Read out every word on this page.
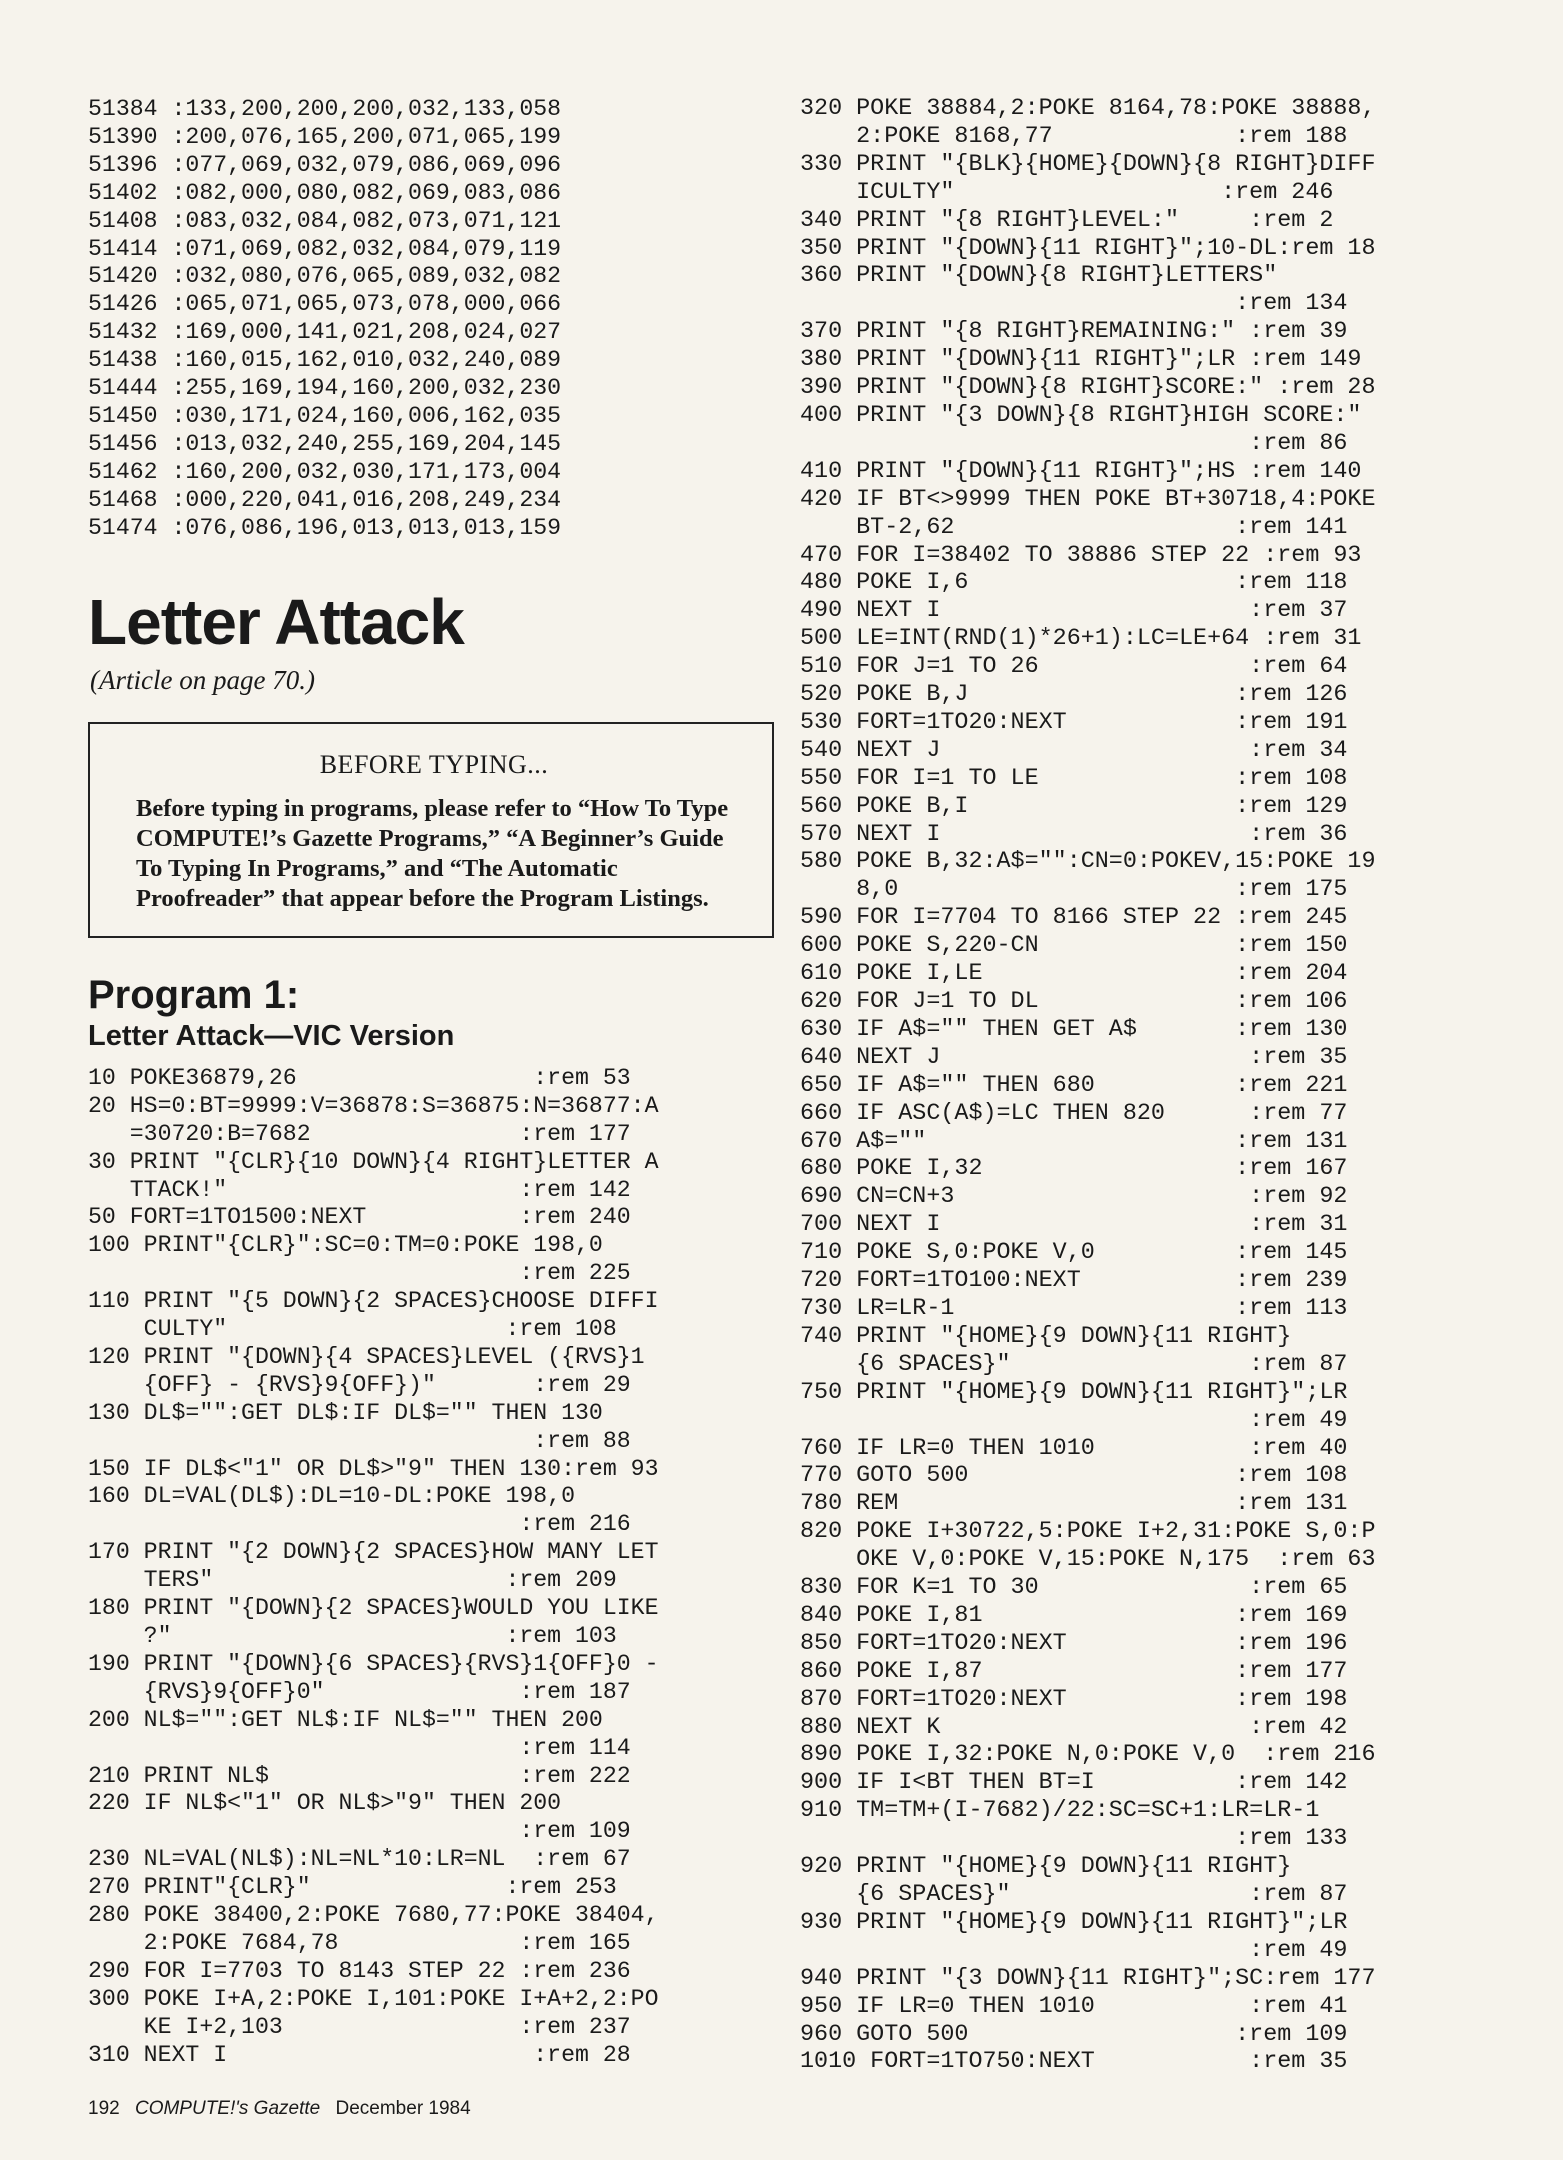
51384 :133,200,200,200,032,133,058
51390 :200,076,165,200,071,065,199
51396 :077,069,032,079,086,069,096
51402 :082,000,080,082,069,083,086
51408 :083,032,084,082,073,071,121
51414 :071,069,082,032,084,079,119
51420 :032,080,076,065,089,032,082
51426 :065,071,065,073,078,000,066
51432 :169,000,141,021,208,024,027
51438 :160,015,162,010,032,240,089
51444 :255,169,194,160,200,032,230
51450 :030,171,024,160,006,162,035
51456 :013,032,240,255,169,204,145
51462 :160,200,032,030,171,173,004
51468 :000,220,041,016,208,249,234
51474 :076,086,196,013,013,013,159
Letter Attack
(Article on page 70.)
BEFORE TYPING...
Before typing in programs, please refer to “How To Type COMPUTE!’s Gazette Programs,” “A Beginner’s Guide To Typing In Programs,” and “The Automatic Proofreader” that appear before the Program Listings.
Program 1:
Letter Attack—VIC Version
10 POKE36879,26                 :rem 53
20 HS=0:BT=9999:V=36878:S=36875:N=36877:A
=30720:B=7682               :rem 177
30 PRINT "{CLR}{10 DOWN}{4 RIGHT}LETTER A
TTACK!"                     :rem 142
50 FORT=1TO1500:NEXT           :rem 240
100 PRINT"{CLR}":SC=0:TM=0:POKE 198,0
:rem 225
110 PRINT "{5 DOWN}{2 SPACES}CHOOSE DIFFI
CULTY"                    :rem 108
120 PRINT "{DOWN}{4 SPACES}LEVEL ({RVS}1
{OFF} - {RVS}9{OFF})"       :rem 29
130 DL$="":GET DL$:IF DL$="" THEN 130
:rem 88
150 IF DL$<"1" OR DL$>"9" THEN 130:rem 93
160 DL=VAL(DL$):DL=10-DL:POKE 198,0
:rem 216
170 PRINT "{2 DOWN}{2 SPACES}HOW MANY LET
TERS"                     :rem 209
180 PRINT "{DOWN}{2 SPACES}WOULD YOU LIKE
?"                        :rem 103
190 PRINT "{DOWN}{6 SPACES}{RVS}1{OFF}0 -
{RVS}9{OFF}0"              :rem 187
200 NL$="":GET NL$:IF NL$="" THEN 200
:rem 114
210 PRINT NL$                  :rem 222
220 IF NL$<"1" OR NL$>"9" THEN 200
:rem 109
230 NL=VAL(NL$):NL=NL*10:LR=NL  :rem 67
270 PRINT"{CLR}"              :rem 253
280 POKE 38400,2:POKE 7680,77:POKE 38404,
2:POKE 7684,78             :rem 165
290 FOR I=7703 TO 8143 STEP 22 :rem 236
300 POKE I+A,2:POKE I,101:POKE I+A+2,2:PO
KE I+2,103                 :rem 237
310 NEXT I                      :rem 28
320 POKE 38884,2:POKE 8164,78:POKE 38888,
2:POKE 8168,77             :rem 188
330 PRINT "{BLK}{HOME}{DOWN}{8 RIGHT}DIFF
ICULTY"                   :rem 246
340 PRINT "{8 RIGHT}LEVEL:"     :rem 2
350 PRINT "{DOWN}{11 RIGHT}";10-DL:rem 18
360 PRINT "{DOWN}{8 RIGHT}LETTERS"
:rem 134
370 PRINT "{8 RIGHT}REMAINING:" :rem 39
380 PRINT "{DOWN}{11 RIGHT}";LR :rem 149
390 PRINT "{DOWN}{8 RIGHT}SCORE:" :rem 28
400 PRINT "{3 DOWN}{8 RIGHT}HIGH SCORE:"
:rem 86
410 PRINT "{DOWN}{11 RIGHT}";HS :rem 140
420 IF BT<>9999 THEN POKE BT+30718,4:POKE
BT-2,62                    :rem 141
470 FOR I=38402 TO 38886 STEP 22 :rem 93
480 POKE I,6                   :rem 118
490 NEXT I                      :rem 37
500 LE=INT(RND(1)*26+1):LC=LE+64 :rem 31
510 FOR J=1 TO 26               :rem 64
520 POKE B,J                   :rem 126
530 FORT=1TO20:NEXT            :rem 191
540 NEXT J                      :rem 34
550 FOR I=1 TO LE              :rem 108
560 POKE B,I                   :rem 129
570 NEXT I                      :rem 36
580 POKE B,32:A$="":CN=0:POKEV,15:POKE 19
8,0                        :rem 175
590 FOR I=7704 TO 8166 STEP 22 :rem 245
600 POKE S,220-CN              :rem 150
610 POKE I,LE                  :rem 204
620 FOR J=1 TO DL              :rem 106
630 IF A$="" THEN GET A$       :rem 130
640 NEXT J                      :rem 35
650 IF A$="" THEN 680          :rem 221
660 IF ASC(A$)=LC THEN 820      :rem 77
670 A$=""                      :rem 131
680 POKE I,32                  :rem 167
690 CN=CN+3                     :rem 92
700 NEXT I                      :rem 31
710 POKE S,0:POKE V,0          :rem 145
720 FORT=1TO100:NEXT           :rem 239
730 LR=LR-1                    :rem 113
740 PRINT "{HOME}{9 DOWN}{11 RIGHT}
{6 SPACES}"                 :rem 87
750 PRINT "{HOME}{9 DOWN}{11 RIGHT}";LR
:rem 49
760 IF LR=0 THEN 1010           :rem 40
770 GOTO 500                   :rem 108
780 REM                        :rem 131
820 POKE I+30722,5:POKE I+2,31:POKE S,0:P
OKE V,0:POKE V,15:POKE N,175  :rem 63
830 FOR K=1 TO 30               :rem 65
840 POKE I,81                  :rem 169
850 FORT=1TO20:NEXT            :rem 196
860 POKE I,87                  :rem 177
870 FORT=1TO20:NEXT            :rem 198
880 NEXT K                      :rem 42
890 POKE I,32:POKE N,0:POKE V,0  :rem 216
900 IF I<BT THEN BT=I          :rem 142
910 TM=TM+(I-7682)/22:SC=SC+1:LR=LR-1
:rem 133
920 PRINT "{HOME}{9 DOWN}{11 RIGHT}
{6 SPACES}"                 :rem 87
930 PRINT "{HOME}{9 DOWN}{11 RIGHT}";LR
:rem 49
940 PRINT "{3 DOWN}{11 RIGHT}";SC:rem 177
950 IF LR=0 THEN 1010           :rem 41
960 GOTO 500                   :rem 109
1010 FORT=1TO750:NEXT           :rem 35
192 COMPUTE!'s Gazette December 1984
